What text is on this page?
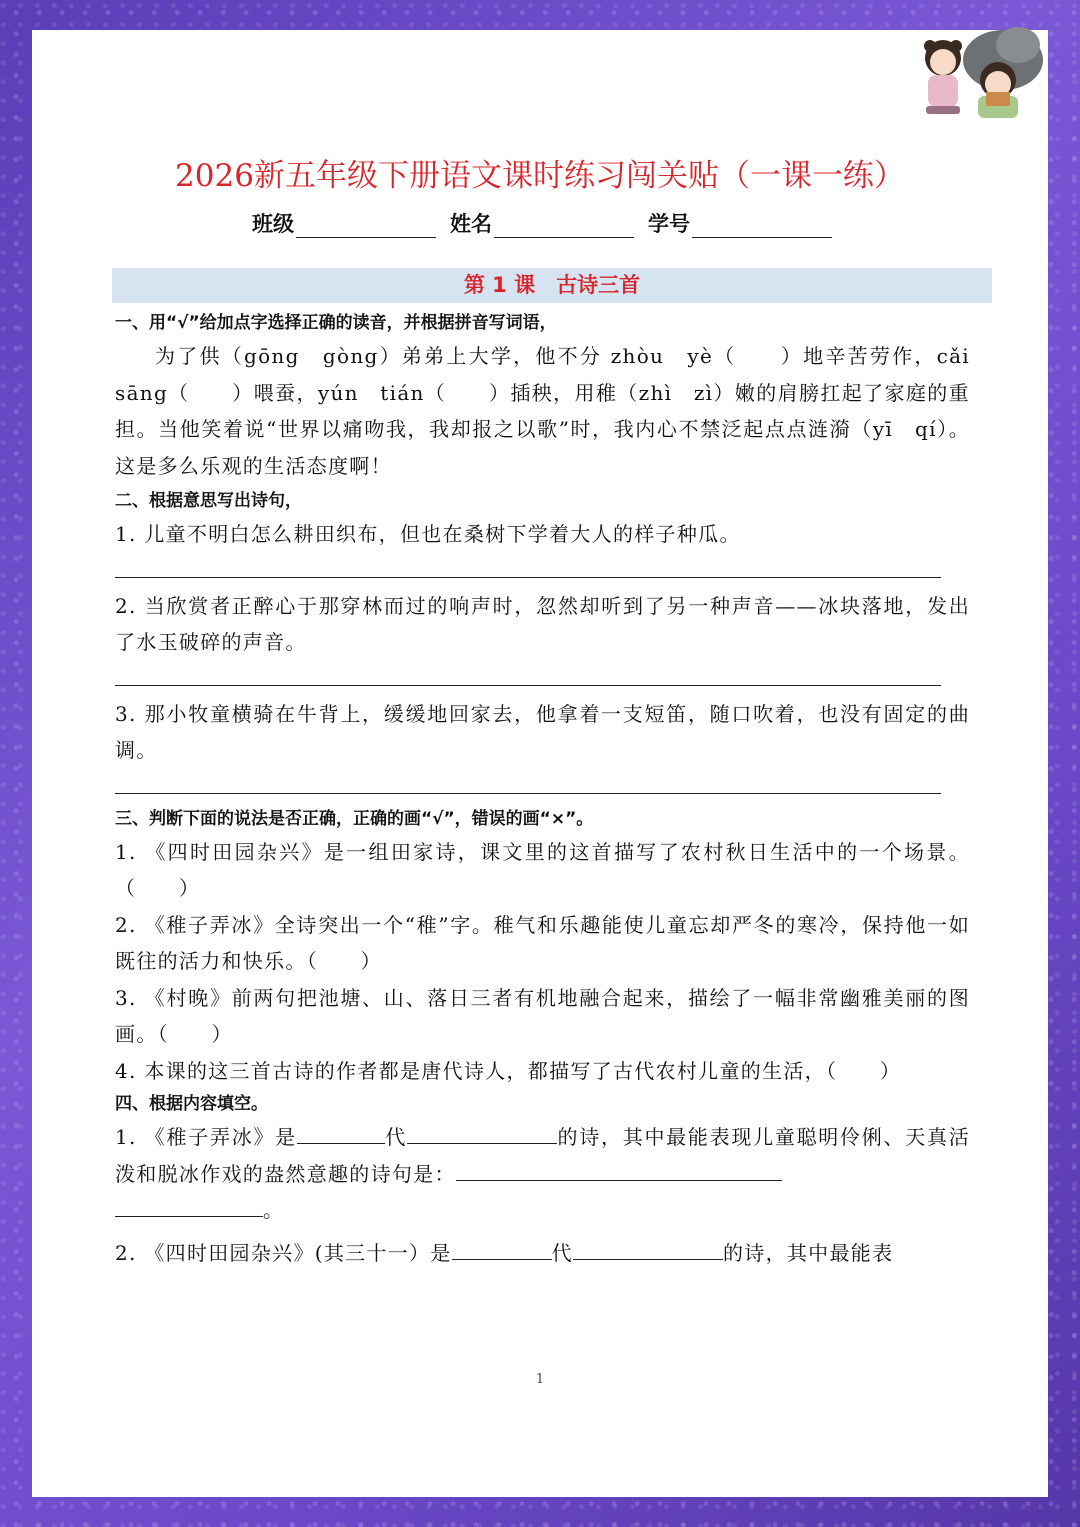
2026新五年级下册语文课时练习闯关贴（一课一练）
班级	姓名	学号
第 1 课　古诗三首
一、用“√”给加点字选择正确的读音，并根据拼音写词语，
为了供（gōng　gòng）弟弟上大学，他不分 zhòu　yè（　　）地辛苦劳作，cǎi sāng（　　）喂蚕，yún　tián（　　）插秧，用稚（zhì　zì）嫩的肩膀扛起了家庭的重担。当他笑着说“世界以痛吻我，我却报之以歌”时，我内心不禁泛起点点涟漪（yī　qí）。这是多么乐观的生活态度啊！
二、根据意思写出诗句，
1. 儿童不明白怎么耕田织布，但也在桑树下学着大人的样子种瓜。
2. 当欣赏者正醉心于那穿林而过的响声时，忽然却听到了另一种声音——冰块落地，发出了水玉破碎的声音。
3. 那小牧童横骑在牛背上，缓缓地回家去，他拿着一支短笛，随口吹着，也没有固定的曲调。
三、判断下面的说法是否正确，正确的画“√”，错误的画“×”。
1. 《四时田园杂兴》是一组田家诗，课文里的这首描写了农村秋日生活中的一个场景。（　　）
2. 《稚子弄冰》全诗突出一个“稚”字。稚气和乐趣能使儿童忘却严冬的寒冷，保持他一如既往的活力和快乐。（　　）
3. 《村晚》前两句把池塘、山、落日三者有机地融合起来，描绘了一幅非常幽雅美丽的图画。（　　）
4. 本课的这三首古诗的作者都是唐代诗人，都描写了古代农村儿童的生活，（　　）
四、根据内容填空。
1. 《稚子弄冰》是	代	的诗，其中最能表现儿童聪明伶俐、天真活泼和脱冰作戏的盎然意趣的诗句是：
。
2. 《四时田园杂兴》(其三十一）是	代	的诗，其中最能表
1
